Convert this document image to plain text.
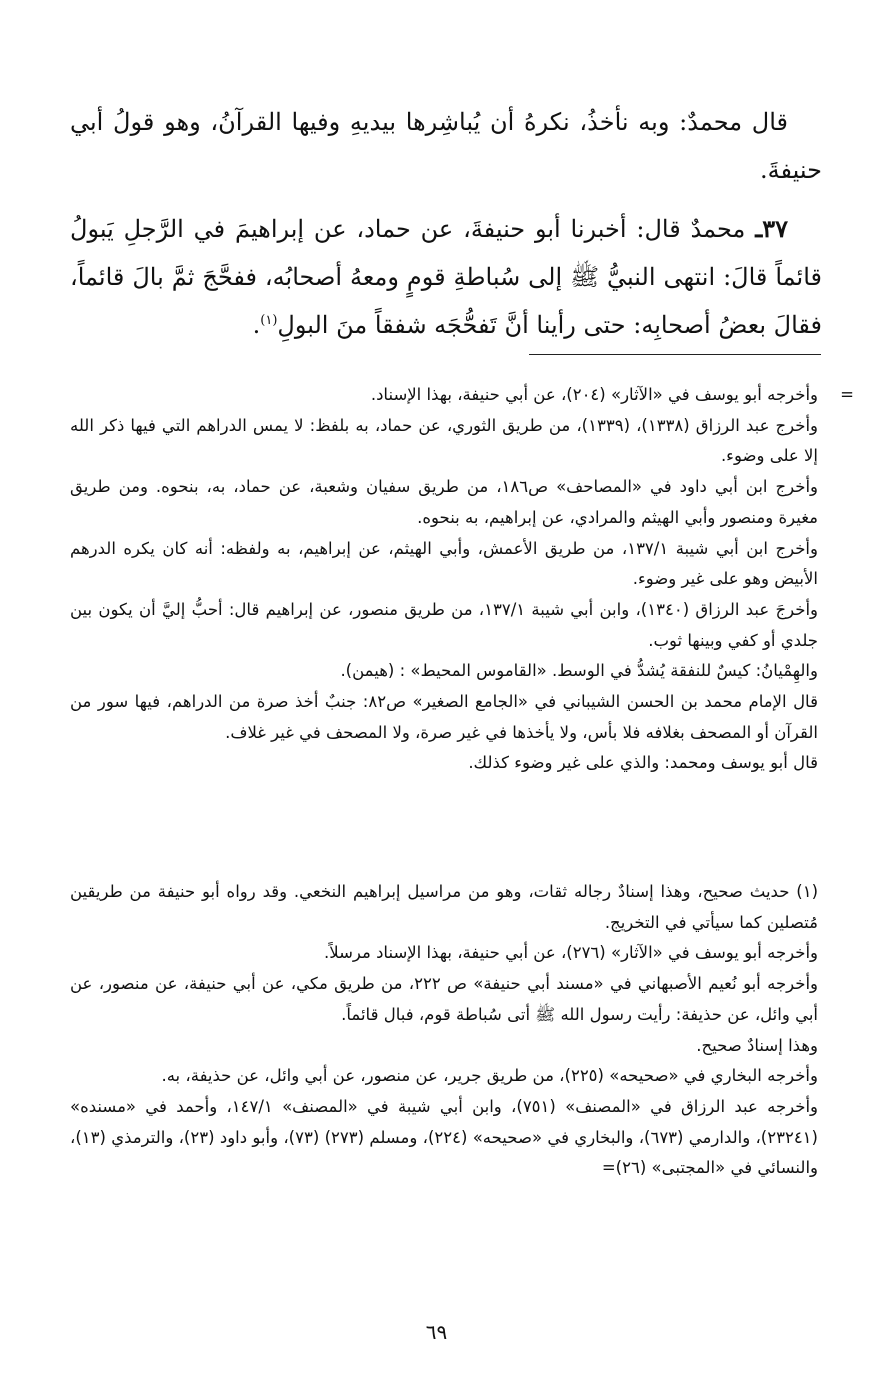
قال محمدٌ: وبه نأخذُ، نكرهُ أن يُباشِرها بيديهِ وفيها القرآنُ، وهو قولُ أبي حنيفةَ.

٣٧ـ محمدٌ قال: أخبرنا أبو حنيفةَ، عن حماد، عن إبراهيمَ في الرَّجلِ يَبولُ قائماً قالَ: انتهى النبيُّ ﷺ إلى سُباطةِ قومٍ ومعهُ أصحابُه، ففحَّجَ ثمَّ بالَ قائماً، فقالَ بعضُ أصحابِه: حتى رأينا أنَّ تَفحُّجَه شفقاً منَ البولِ$^{(١)}$.

=
وأخرجه أبو يوسف في «الآثار» (٢٠٤)، عن أبي حنيفة، بهذا الإسناد.

وأخرج عبد الرزاق (١٣٣٨)، (١٣٣٩)، من طريق الثوري، عن حماد، به بلفظ: لا يمس الدراهم التي فيها ذكر الله إلا على وضوء.

وأخرج ابن أبي داود في «المصاحف» ص١٨٦، من طريق سفيان وشعبة، عن حماد، به، بنحوه. ومن طريق مغيرة ومنصور وأبي الهيثم والمرادي، عن إبراهيم، به بنحوه.

وأخرج ابن أبي شيبة ١٣٧/١، من طريق الأعمش، وأبي الهيثم، عن إبراهيم، به ولفظه: أنه كان يكره الدرهم الأبيض وهو على غير وضوء.

وأخرجَ عبد الرزاق (١٣٤٠)، وابن أبي شيبة ١٣٧/١، من طريق منصور، عن إبراهيم قال: أحبُّ إليَّ أن يكون بين جلدي أو كفي وبينها ثوب.

والهِمْيانُ: كيسٌ للنفقة يُشدُّ في الوسط. «القاموس المحيط» : (هيمن).

قال الإمام محمد بن الحسن الشيباني في «الجامع الصغير» ص٨٢: جنبٌ أخذ صرة من الدراهم، فيها سور من القرآن أو المصحف بغلافه فلا بأس، ولا يأخذها في غير صرة، ولا المصحف في غير غلاف.

قال أبو يوسف ومحمد: والذي على غير وضوء كذلك.

(١) حديث صحيح، وهذا إسنادٌ رجاله ثقات، وهو من مراسيل إبراهيم النخعي. وقد رواه أبو حنيفة من طريقين مُتصلين كما سيأتي في التخريج.

وأخرجه أبو يوسف في «الآثار» (٢٧٦)، عن أبي حنيفة، بهذا الإسناد مرسلاً.

وأخرجه أبو نُعيم الأصبهاني في «مسند أبي حنيفة» ص ٢٢٢، من طريق مكي، عن أبي حنيفة، عن منصور، عن أبي وائل، عن حذيفة: رأيت رسول الله ﷺ أتى سُباطة قوم، فبال قائماً.

وهذا إسنادٌ صحيح.

وأخرجه البخاري في «صحيحه» (٢٢٥)، من طريق جرير، عن منصور، عن أبي وائل، عن حذيفة، به.

وأخرجه عبد الرزاق في «المصنف» (٧٥١)، وابن أبي شيبة في «المصنف» ١٤٧/١، وأحمد في «مسنده» (٢٣٢٤١)، والدارمي (٦٧٣)، والبخاري في «صحيحه» (٢٢٤)، ومسلم (٢٧٣) (٧٣)، وأبو داود (٢٣)، والترمذي (١٣)، والنسائي في «المجتبى» (٢٦)=

٦٩
